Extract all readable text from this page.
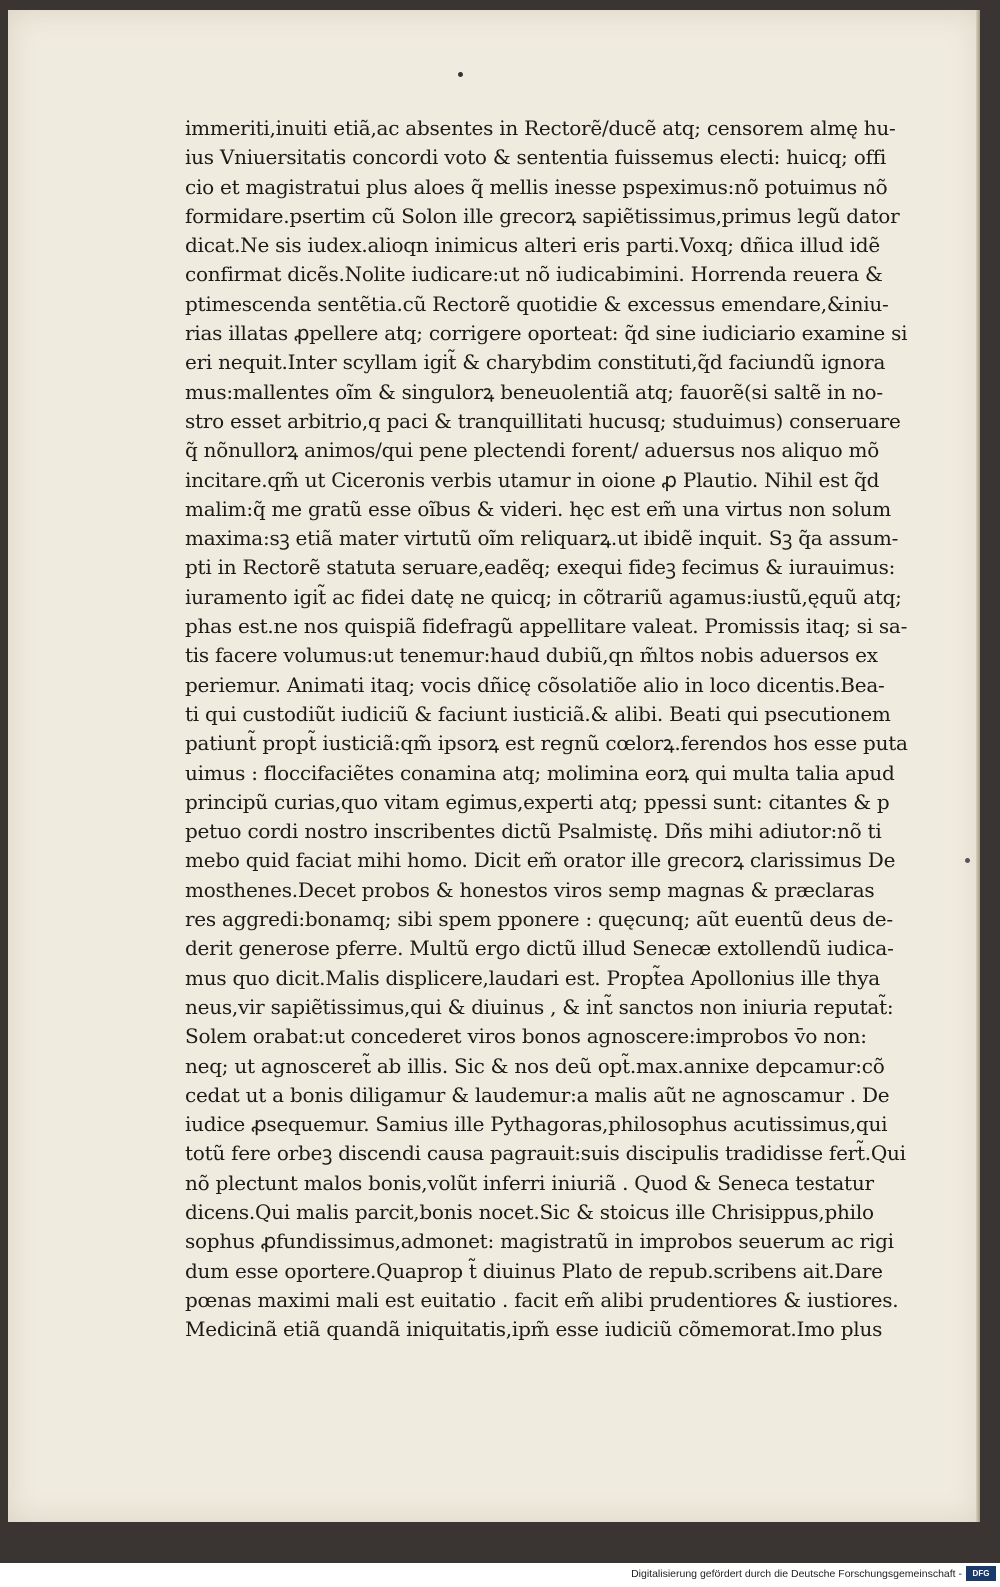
immeriti,inuiti etiã,ac absentes in Rectorẽ/ducẽ atq; censorem almę hu-
ius Vniuersitatis concordi voto & sententia fuissemus electi: huicq; offi
cio et magistratui plus aloes q̃ mellis inesse pspeximus:nõ potuimus nõ
formidare.psertim cũ Solon ille grecorꝝ sapiẽtissimus,primus legũ dator
dicat.Ne sis iudex.alioqn inimicus alteri eris parti.Voxq; dñica illud idẽ
confirmat dicẽs.Nolite iudicare:ut nõ iudicabimini. Horrenda reuera &
ptimescenda sentẽtia.cũ Rectorẽ quotidie & excessus emendare,&iniu-
rias illatas ꝓpellere atq; corrigere oporteat: q̃d sine iudiciario examine si
eri nequit.Inter scyllam igit̃ & charybdim constituti,q̃d faciundũ ignora
mus:mallentes oĩm & singulorꝝ beneuolentiã atq; fauorẽ(si saltẽ in no-
stro esset arbitrio,q paci & tranquillitati hucusq; studuimus) conseruare
q̃ nõnullorꝝ animos/qui pene plectendi forent/ aduersus nos aliquo mõ
incitare.qm̃ ut Ciceronis verbis utamur in oione ꝓ Plautio. Nihil est q̃d
malim:q̃ me gratũ esse oĩbus & videri. hęc est em̃ una virtus non solum
maxima:sꝫ etiã mater virtutũ oĩm reliquarꝝ.ut ibidẽ inquit. Sꝫ q̃a assum-
pti in Rectorẽ statuta seruare,eadẽq; exequi fideꝫ fecimus & iurauimus:
iuramento igit̃ ac fidei datę ne quicq; in cõtrariũ agamus:iustũ,ęquũ atq;
phas est.ne nos quispiã fidefragũ appellitare valeat. Promissis itaq; si sa-
tis facere volumus:ut tenemur:haud dubiũ,qn m̃ltos nobis aduersos ex
periemur. Animati itaq; vocis dñicę cõsolatiõe alio in loco dicentis.Bea-
ti qui custodiũt iudiciũ & faciunt iusticiã.& alibi. Beati qui psecutionem
patiunt̃ propt̃ iusticiã:qm̃ ipsorꝝ est regnũ cœlorꝝ.ferendos hos esse puta
uimus : floccifaciẽtes conamina atq; molimina eorꝝ qui multa talia apud
principũ curias,quo vitam egimus,experti atq; ppessi sunt: citantes & p
petuo cordi nostro inscribentes dictũ Psalmistę. Dñs mihi adiutor:nõ ti
mebo quid faciat mihi homo. Dicit em̃ orator ille grecorꝝ clarissimus De
mosthenes.Decet probos & honestos viros semp magnas & præclaras
res aggredi:bonamq; sibi spem pponere : quęcunq; aũt euentũ deus de-
derit generose pferre. Multũ ergo dictũ illud Senecæ extollendũ iudica-
mus quo dicit.Malis displicere,laudari est. Propt̃ea Apollonius ille thya
neus,vir sapiẽtissimus,qui & diuinus , & int̃ sanctos non iniuria reputat̃:
Solem orabat:ut concederet viros bonos agnoscere:improbos v̄o non:
neq; ut agnosceret̃ ab illis. Sic & nos deũ opt̃.max.annixe depcamur:cõ
cedat ut a bonis diligamur & laudemur:a malis aũt ne agnoscamur . De
iudice ꝓsequemur. Samius ille Pythagoras,philosophus acutissimus,qui
totũ fere orbeꝫ discendi causa pagrauit:suis discipulis tradidisse fert̃.Qui
nõ plectunt malos bonis,volũt inferri iniuriã . Quod & Seneca testatur
dicens.Qui malis parcit,bonis nocet.Sic & stoicus ille Chrisippus,philo
sophus ꝓfundissimus,admonet: magistratũ in improbos seuerum ac rigi
dum esse oportere.Quaprop t̃ diuinus Plato de repub.scribens ait.Dare
pœnas maximi mali est euitatio . facit em̃ alibi prudentiores & iustiores.
Medicinã etiã quandã iniquitatis,ipm̃ esse iudiciũ cõmemorat.Imo plus
Digitalisierung gefördert durch die Deutsche Forschungsgemeinschaft -	DFG
